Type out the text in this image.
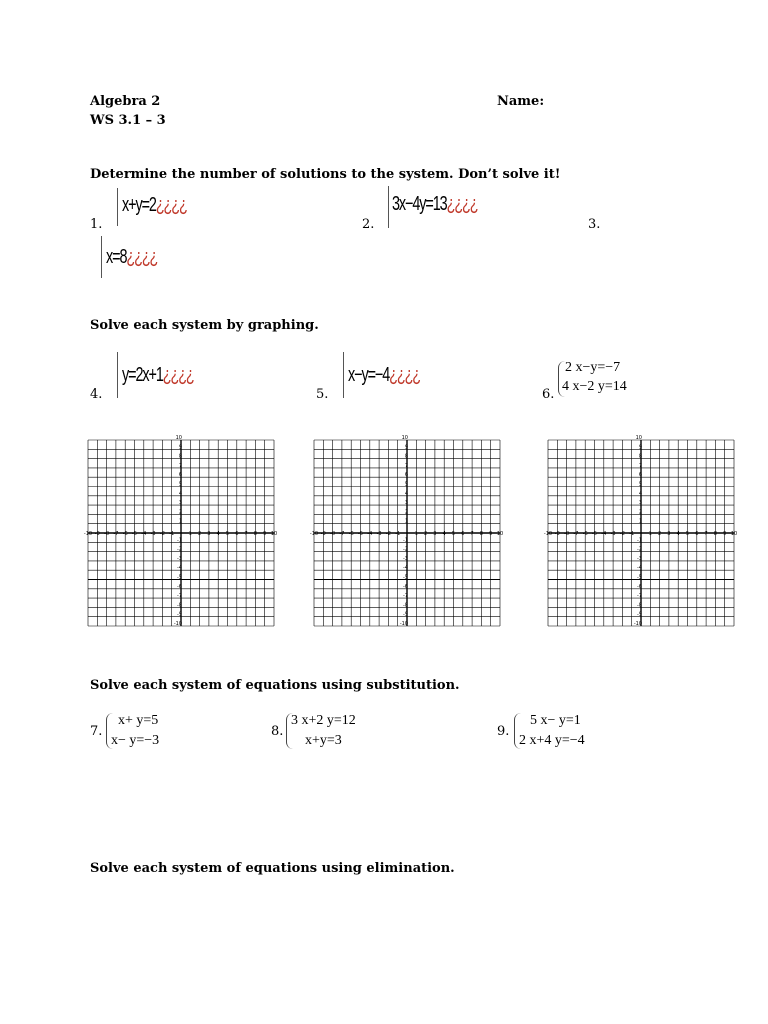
Algebra 2
WS 3.1 – 3
Name:
Determine the number of solutions to the system. Don’t solve it!
1.
x+y=2¿¿¿¿
x=8¿¿¿¿
2.
3x−4y=13¿¿¿¿
3.
Solve each system by graphing.
4.
y=2x+1¿¿¿¿
5.
x−y=−4¿¿¿¿
6.
2 x−y=−7
4 x−2 y=14
-10
-10
-9
-9
-8
-8
-7
-7
-6
-6
-5
-5
-4
-4
-3
-3
-2
-2
-1
-1
1
1
2
2
3
3
4
4
5
5
6
6
7
7
8
8
9
9
10
10
-10
-10
-9
-9
-8
-8
-7
-7
-6
-6
-5
-5
-4
-4
-3
-3
-2
-2
-1
-1
1
1
2
2
3
3
4
4
5
5
6
6
7
7
8
8
9
9
10
10
-10
-10
-9
-9
-8
-8
-7
-7
-6
-6
-5
-5
-4
-4
-3
-3
-2
-2
-1
-1
1
1
2
2
3
3
4
4
5
5
6
6
7
7
8
8
9
9
10
10
Solve each system of equations using substitution.
7.
x+ y=5
x− y=−3
8.
3 x+2 y=12
x+y=3
9.
5 x− y=1
2 x+4 y=−4
Solve each system of equations using elimination.
